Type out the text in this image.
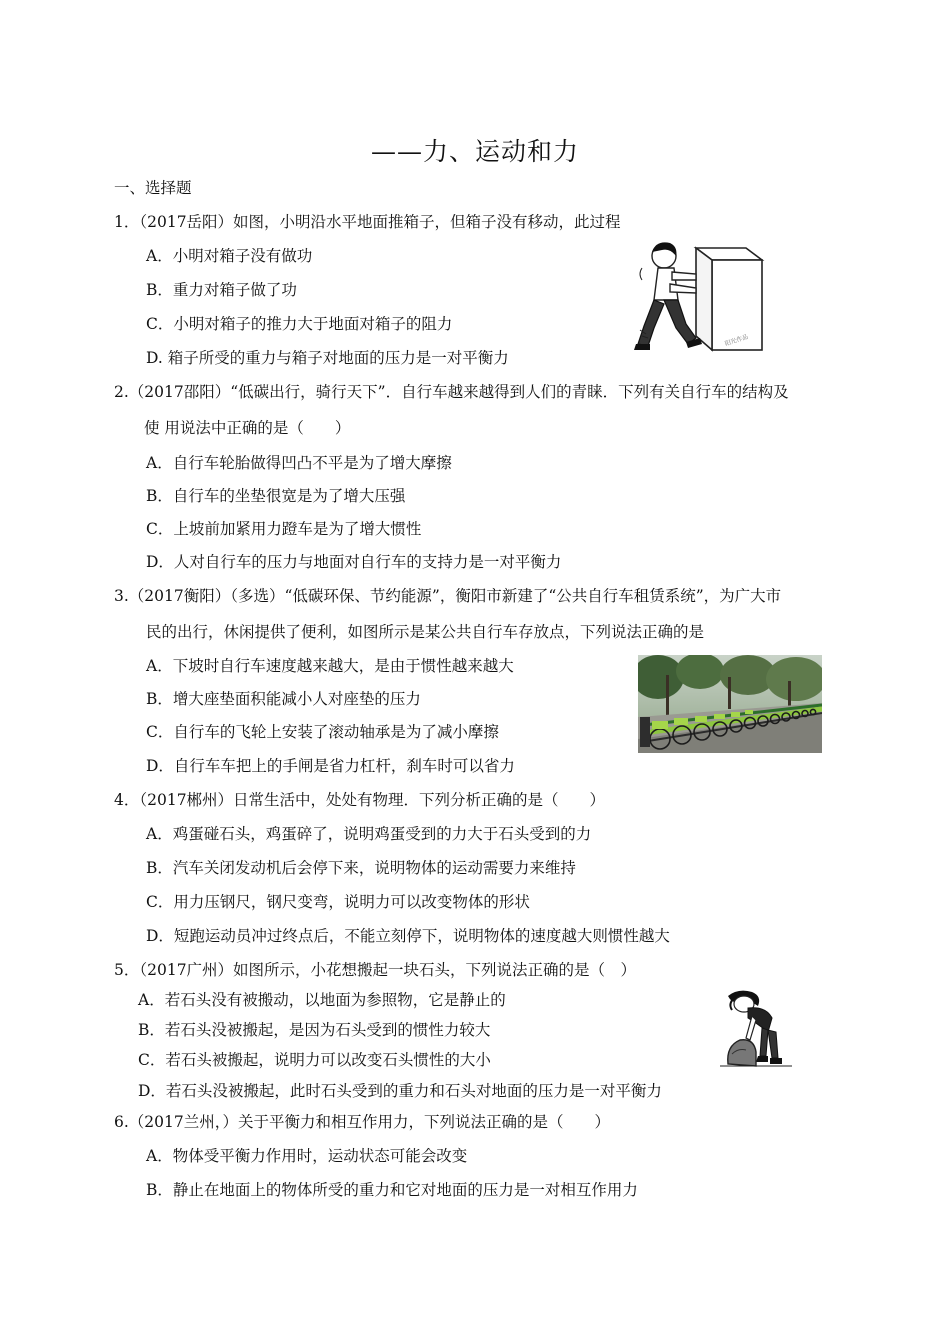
——力、运动和力
一、选择题
1．（2017岳阳）如图，小明沿水平地面推箱子，但箱子没有移动，此过程
A．小明对箱子没有做功
B．重力对箱子做了功
C．小明对箱子的推力大于地面对箱子的阻力
D. 箱子所受的重力与箱子对地面的压力是一对平衡力
阳光作品
2.（2017邵阳）“低碳出行，骑行天下”．自行车越来越得到人们的青睐．下列有关自行车的结构及
使 用说法中正确的是（　　）
A．自行车轮胎做得凹凸不平是为了增大摩擦
B．自行车的坐垫很宽是为了增大压强
C．上坡前加紧用力蹬车是为了增大惯性
D．人对自行车的压力与地面对自行车的支持力是一对平衡力
3.（2017衡阳）（多选）“低碳环保、节约能源”，衡阳市新建了“公共自行车租赁系统”，为广大市
民的出行，休闲提供了便利，如图所示是某公共自行车存放点，下列说法正确的是
A．下坡时自行车速度越来越大，是由于惯性越来越大
B．增大座垫面积能减小人对座垫的压力
C．自行车的飞轮上安装了滚动轴承是为了减小摩擦
D．自行车车把上的手闸是省力杠杆，刹车时可以省力
4．（2017郴州）日常生活中，处处有物理．下列分析正确的是（　　）
A．鸡蛋碰石头，鸡蛋碎了，说明鸡蛋受到的力大于石头受到的力
B．汽车关闭发动机后会停下来，说明物体的运动需要力来维持
C．用力压钢尺，钢尺变弯，说明力可以改变物体的形状
D．短跑运动员冲过终点后，不能立刻停下，说明物体的速度越大则惯性越大
5．（2017广州）如图所示，小花想搬起一块石头，下列说法正确的是（　）
A．若石头没有被搬动，以地面为参照物，它是静止的
B．若石头没被搬起，是因为石头受到的惯性力较大
C．若石头被搬起，说明力可以改变石头惯性的大小
D．若石头没被搬起，此时石头受到的重力和石头对地面的压力是一对平衡力
6.（2017兰州，）关于平衡力和相互作用力，下列说法正确的是（　　）
A．物体受平衡力作用时，运动状态可能会改变
B．静止在地面上的物体所受的重力和它对地面的压力是一对相互作用力
